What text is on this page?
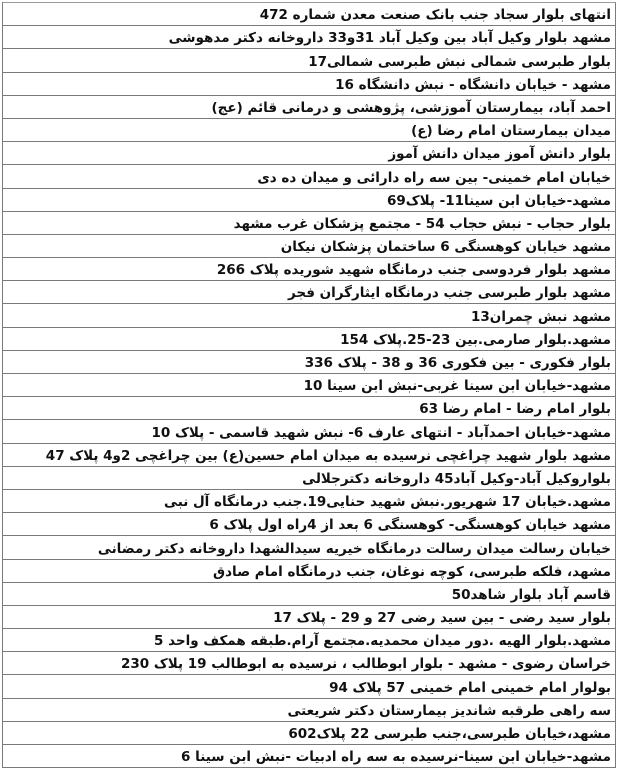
انتهای بلوار سجاد جنب بانک صنعت معدن شماره 472
مشهد بلوار وکیل آباد بین وکیل آباد 31و33 داروخانه دکتر مدهوشی
بلوار طبرسی شمالی نبش طبرسی شمالی17
مشهد - خیابان دانشگاه - نبش دانشگاه 16
احمد آباد، بیمارستان آموزشی، پژوهشی و درمانی قائم (عج)
میدان بیمارستان امام رضا (ع)
بلوار دانش آموز میدان دانش آموز
خیابان امام خمینی- بین سه راه دارائی و میدان ده دی
مشهد-خیابان ابن سینا11- پلاک69
بلوار حجاب - نبش حجاب 54 - مجتمع پزشکان غرب مشهد
مشهد خیابان کوهسنگی 6 ساختمان پزشکان نیکان
مشهد بلوار فردوسی جنب درمانگاه شهید شوریده پلاک 266
مشهد بلوار طبرسی جنب درمانگاه ایثارگران فجر
مشهد نبش چمران13
مشهد.بلوار صارمی.بین 23-25.پلاک 154
بلوار فکوری - بین فکوری 36 و 38 - پلاک 336
مشهد-خیابان ابن سینا غربی-نبش ابن سینا 10
بلوار امام رضا - امام رضا 63
مشهد-خیابان احمدآباد - انتهای عارف 6- نبش شهید قاسمی - پلاک 10
مشهد بلوار شهید چراغچی نرسیده به میدان امام حسین(ع) بین چراغچی 2و4 پلاک 47
بلواروکیل آباد-وکیل آباد45 داروخانه دکترجلالی
مشهد.خیابان 17 شهریور.نبش شهید حنایی19.جنب درمانگاه آل نبی
مشهد خیابان کوهسنگی- کوهسنگی 6 بعد از 4راه اول پلاک 6
خیابان رسالت میدان رسالت درمانگاه خیریه سیدالشهدا داروخانه دکتر رمضانی
مشهد، فلکه طبرسی، کوچه نوغان، جنب درمانگاه امام صادق
قاسم آباد بلوار شاهد50
بلوار سید رضی - بین سید رضی 27 و 29 - پلاک 17
مشهد.بلوار الهیه .دور میدان محمدیه.مجتمع آرام.طبقه همکف واحد 5
خراسان رضوی - مشهد - بلوار ابوطالب ، نرسیده به ابوطالب 19 پلاک 230
بولوار امام خمینی امام خمینی 57 پلاک 94
سه راهی طرقبه شاندیز بیمارستان دکتر شریعتی
مشهد،خیابان طبرسی،جنب طبرسی 22 پلاک602
مشهد-خیابان ابن سینا-نرسیده به سه راه ادبیات -نبش ابن سینا 6
